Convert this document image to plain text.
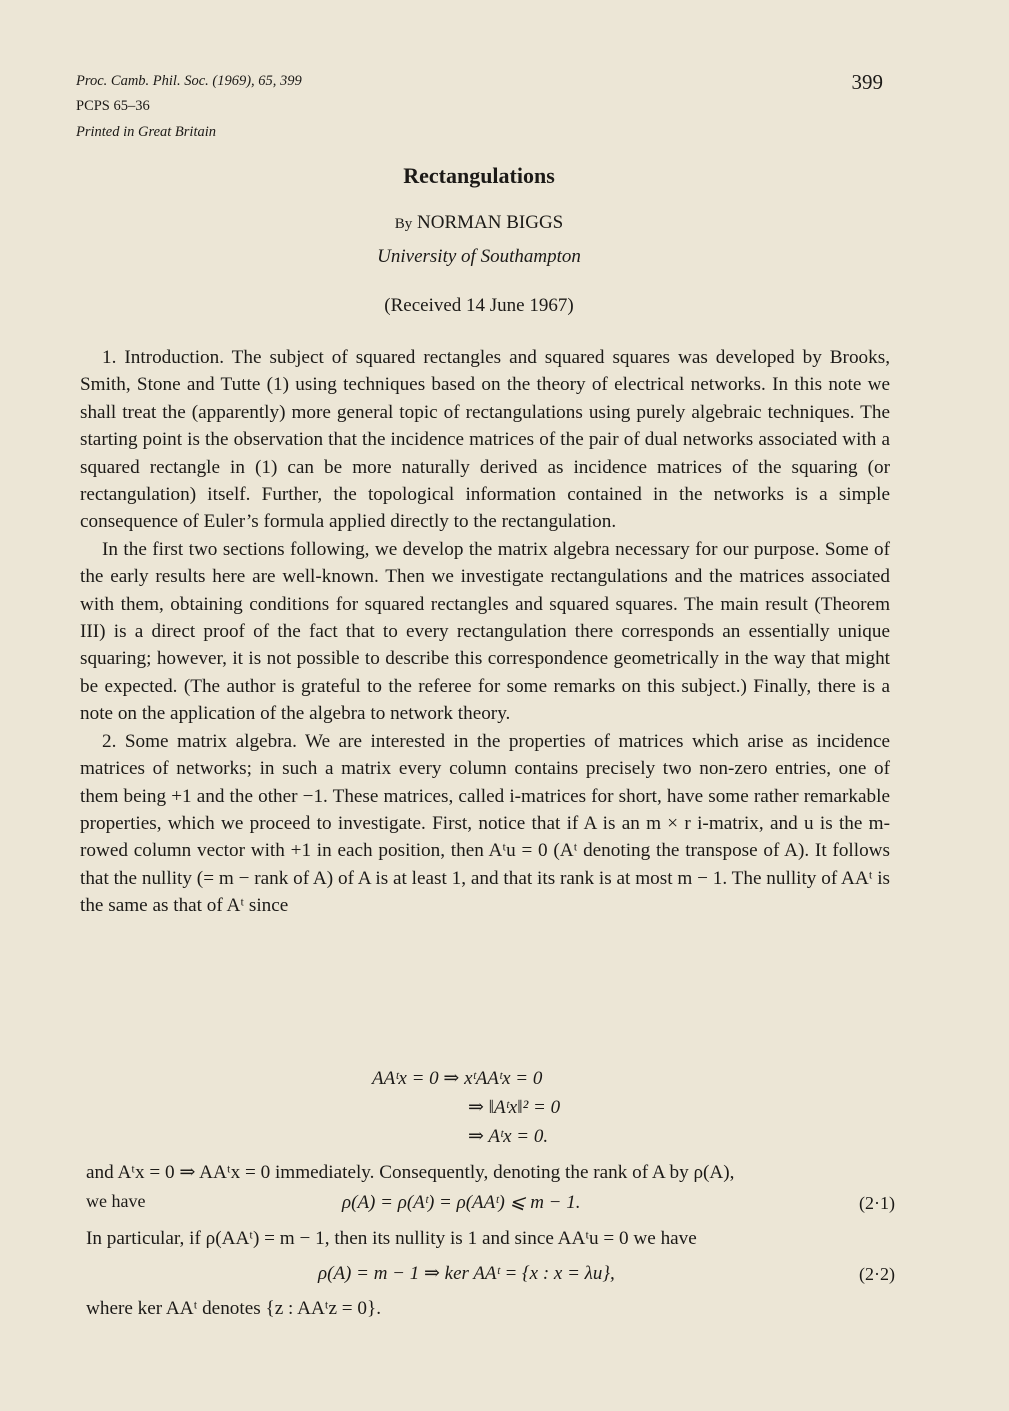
Proc. Camb. Phil. Soc. (1969), 65, 399
PCPS 65–36
Printed in Great Britain
399
Rectangulations
By NORMAN BIGGS
University of Southampton
(Received 14 June 1967)

1. Introduction. The subject of squared rectangles and squared squares was developed by Brooks, Smith, Stone and Tutte (1) using techniques based on the theory of electrical networks. In this note we shall treat the (apparently) more general topic of rectangulations using purely algebraic techniques. The starting point is the observation that the incidence matrices of the pair of dual networks associated with a squared rectangle in (1) can be more naturally derived as incidence matrices of the squaring (or rectangulation) itself. Further, the topological information contained in the networks is a simple consequence of Euler’s formula applied directly to the rectangulation.

In the first two sections following, we develop the matrix algebra necessary for our purpose. Some of the early results here are well-known. Then we investigate rectangulations and the matrices associated with them, obtaining conditions for squared rectangles and squared squares. The main result (Theorem III) is a direct proof of the fact that to every rectangulation there corresponds an essentially unique squaring; however, it is not possible to describe this correspondence geometrically in the way that might be expected. (The author is grateful to the referee for some remarks on this subject.) Finally, there is a note on the application of the algebra to network theory.

2. Some matrix algebra. We are interested in the properties of matrices which arise as incidence matrices of networks; in such a matrix every column contains precisely two non-zero entries, one of them being +1 and the other −1. These matrices, called i-matrices for short, have some rather remarkable properties, which we proceed to investigate. First, notice that if A is an m × r i-matrix, and u is the m-rowed column vector with +1 in each position, then Aᵗu = 0 (Aᵗ denoting the transpose of A). It follows that the nullity (= m − rank of A) of A is at least 1, and that its rank is at most m − 1. The nullity of AAᵗ is the same as that of Aᵗ since

AAᵗx = 0 ⇒ xᵗAAᵗx = 0
⇒ ‖Aᵗx‖² = 0
⇒ Aᵗx = 0.
and Aᵗx = 0 ⇒ AAᵗx = 0 immediately. Consequently, denoting the rank of A by ρ(A),
we have	ρ(A) = ρ(Aᵗ) = ρ(AAᵗ) ⩽ m − 1.	(2·1)
In particular, if ρ(AAᵗ) = m − 1, then its nullity is 1 and since AAᵗu = 0 we have
ρ(A) = m − 1 ⇒ ker AAᵗ = {x : x = λu},	(2·2)
where ker AAᵗ denotes {z : AAᵗz = 0}.
